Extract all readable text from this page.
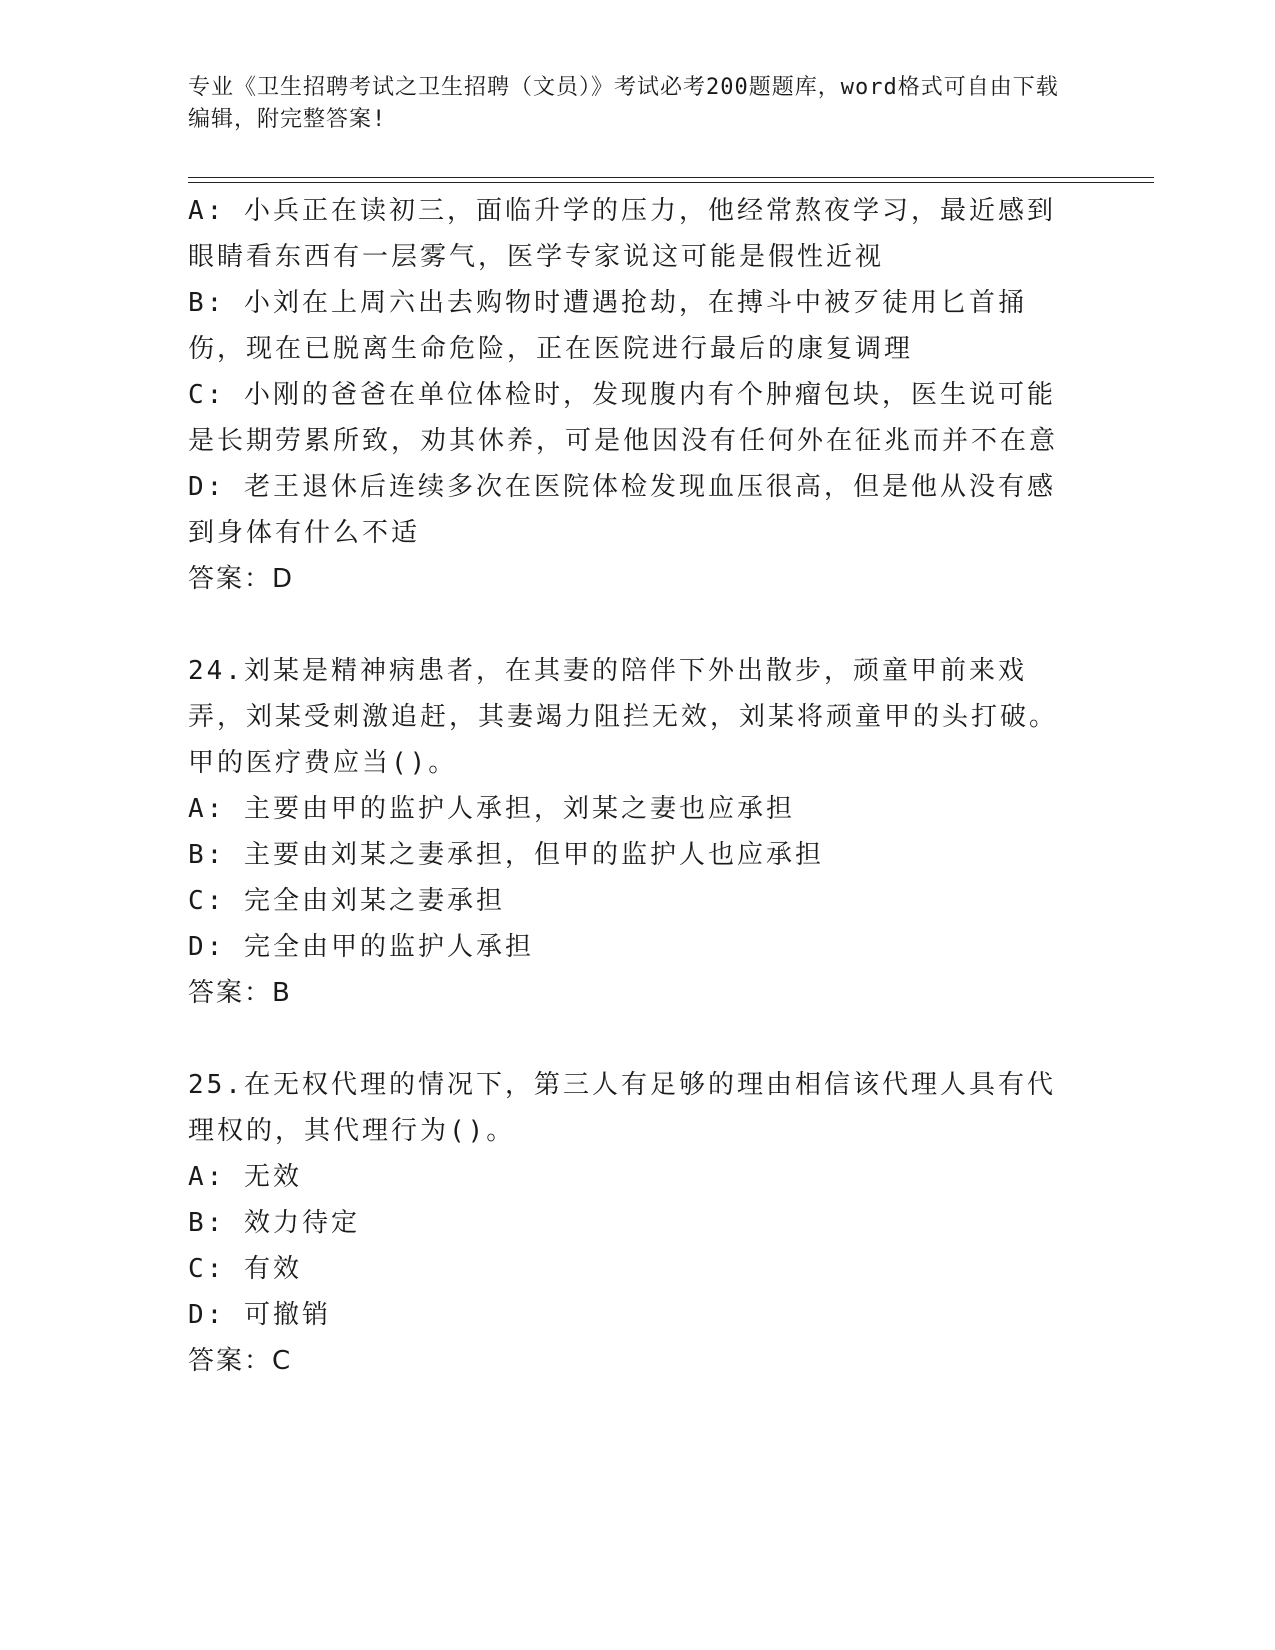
专业《卫生招聘考试之卫生招聘（文员）》考试必考200题题库，word格式可自由下载编辑，附完整答案!
A: 小兵正在读初三，面临升学的压力，他经常熬夜学习，最近感到眼睛看东西有一层雾气，医学专家说这可能是假性近视
B: 小刘在上周六出去购物时遭遇抢劫，在搏斗中被歹徒用匕首捅伤，现在已脱离生命危险，正在医院进行最后的康复调理
C: 小刚的爸爸在单位体检时，发现腹内有个肿瘤包块，医生说可能是长期劳累所致，劝其休养，可是他因没有任何外在征兆而并不在意
D: 老王退休后连续多次在医院体检发现血压很高，但是他从没有感到身体有什么不适
答案：D
24.刘某是精神病患者，在其妻的陪伴下外出散步，顽童甲前来戏弄，刘某受刺激追赶，其妻竭力阻拦无效，刘某将顽童甲的头打破。甲的医疗费应当()。
A: 主要由甲的监护人承担，刘某之妻也应承担
B: 主要由刘某之妻承担，但甲的监护人也应承担
C: 完全由刘某之妻承担
D: 完全由甲的监护人承担
答案：B
25.在无权代理的情况下，第三人有足够的理由相信该代理人具有代理权的，其代理行为()。
A: 无效
B: 效力待定
C: 有效
D: 可撤销
答案：C
